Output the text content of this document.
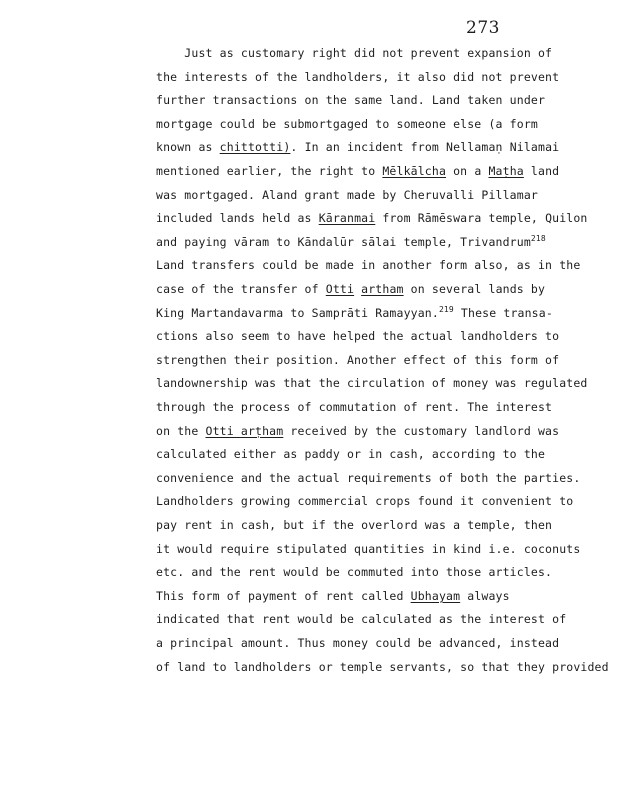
273
Just as customary right did not prevent expansion of
the interests of the landholders, it also did not prevent
further transactions on the same land. Land taken under
mortgage could be submortgaged to someone else (a form
known as chittotti). In an incident from Nellamaṇ Nilamai
mentioned earlier, the right to Mēlkālcha on a Maṭha land
was mortgaged. Aland grant made by Cheruvalli Pillamar
included lands held as Kāranmai from Rāmēswara temple, Quilon
and paying vāram to Kāndalūr sālai temple, Trivandrum$^{218}$
Land transfers could be made in another form also, as in the
case of the transfer of Otti artham on several lands by
King Martandavarma to Samprāti Ramayyan.$^{219}$ These transa-
ctions also seem to have helped the actual landholders to
strengthen their position. Another effect of this form of
landownership was that the circulation of money was regulated
through the process of commutation of rent. The interest
on the Otti arṭham received by the customary landlord was
calculated either as paddy or in cash, according to the
convenience and the actual requirements of both the parties.
Landholders growing commercial crops found it convenient to
pay rent in cash, but if the overlord was a temple, then
it would require stipulated quantities in kind i.e. coconuts
etc. and the rent would be commuted into those articles.
This form of payment of rent called Ubhayam always
indicated that rent would be calculated as the interest of
a principal amount. Thus money could be advanced, instead
of land to landholders or temple servants, so that they provided
